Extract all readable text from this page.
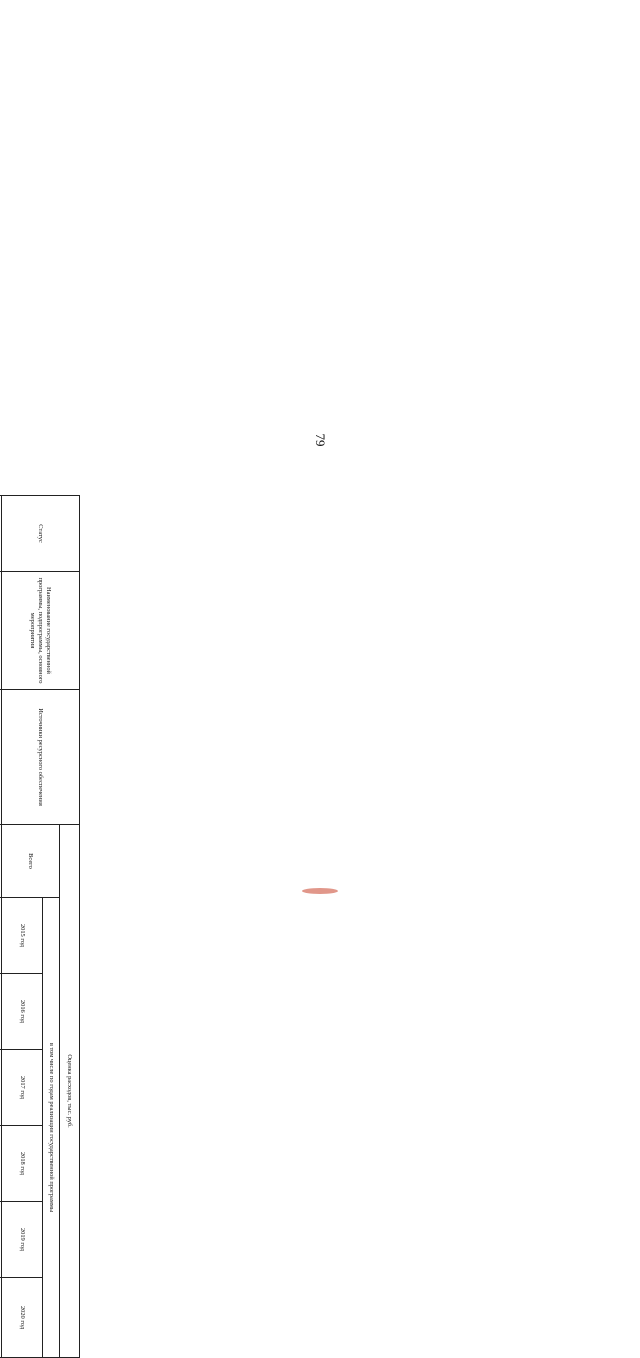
79
Статус	Наименование государственной программы, подпрограммы, основного мероприятия	Источники ресурсного обеспечения	Оценка расходов, тыс. руб.						
			Всего	в том числе по годам реализации государственной программы					
				2015 год	2016 год	2017 год	2018 год	2019 год	2020 год
